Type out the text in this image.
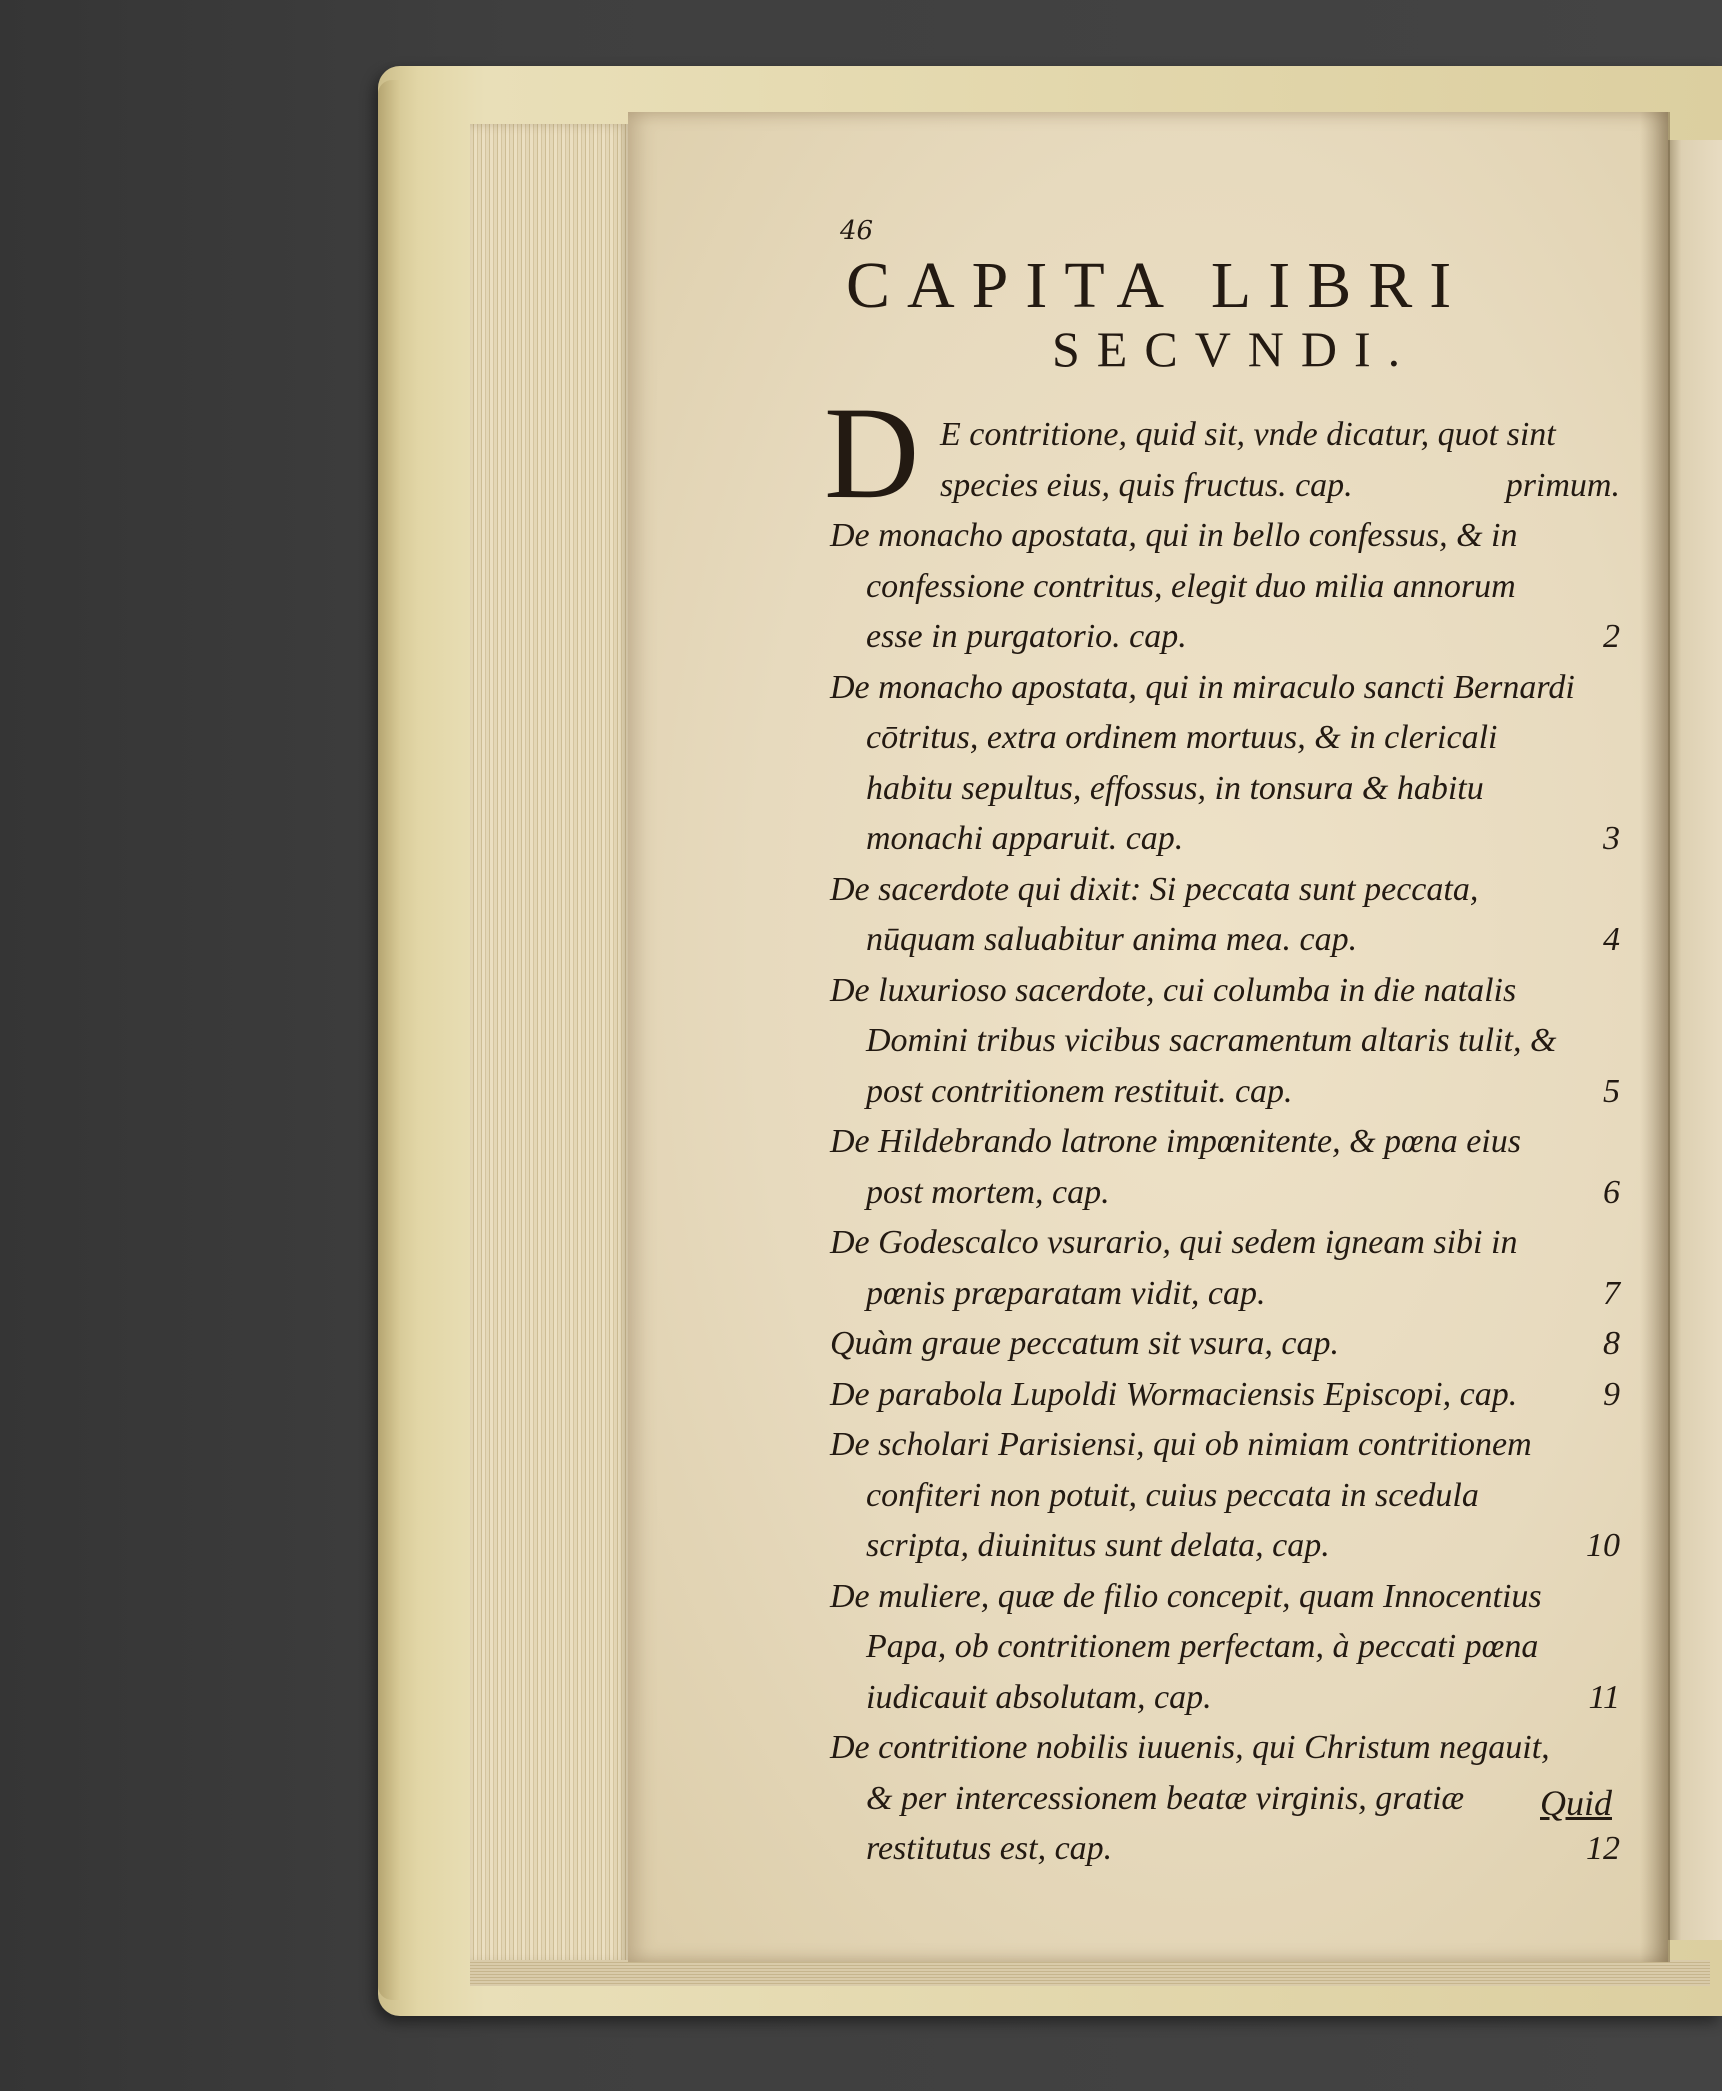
46
CAPITA LIBRI
SECVNDI.
D E contritione, quid sit, vnde dicatur, quot sint species eius, quis fructus. cap.	primum.
De monacho apostata, qui in bello confessus, & in confessione contritus, elegit duo milia annorum esse in purgatorio. cap.	2
De monacho apostata, qui in miraculo sancti Bernardi cōtritus, extra ordinem mortuus, & in clericali habitu sepultus, effossus, in tonsura & habitu monachi apparuit. cap.	3
De sacerdote qui dixit: Si peccata sunt peccata, nūquam saluabitur anima mea. cap.	4
De luxurioso sacerdote, cui columba in die natalis Domini tribus vicibus sacramentum altaris tulit, & post contritionem restituit. cap.	5
De Hildebrando latrone impœnitente, & pœna eius post mortem, cap.	6
De Godescalco vsurario, qui sedem igneam sibi in pœnis præparatam vidit, cap.	7
Quàm graue peccatum sit vsura, cap.	8
De parabola Lupoldi Wormaciensis Episcopi, cap.	9
De scholari Parisiensi, qui ob nimiam contritionem confiteri non potuit, cuius peccata in scedula scripta, diuinitus sunt delata, cap.	10
De muliere, quæ de filio concepit, quam Innocentius Papa, ob contritionem perfectam, à peccati pœna iudicauit absolutam, cap.	11
De contritione nobilis iuuenis, qui Christum negauit, & per intercessionem beatæ virginis, gratiæ restitutus est, cap.	12
Quid
